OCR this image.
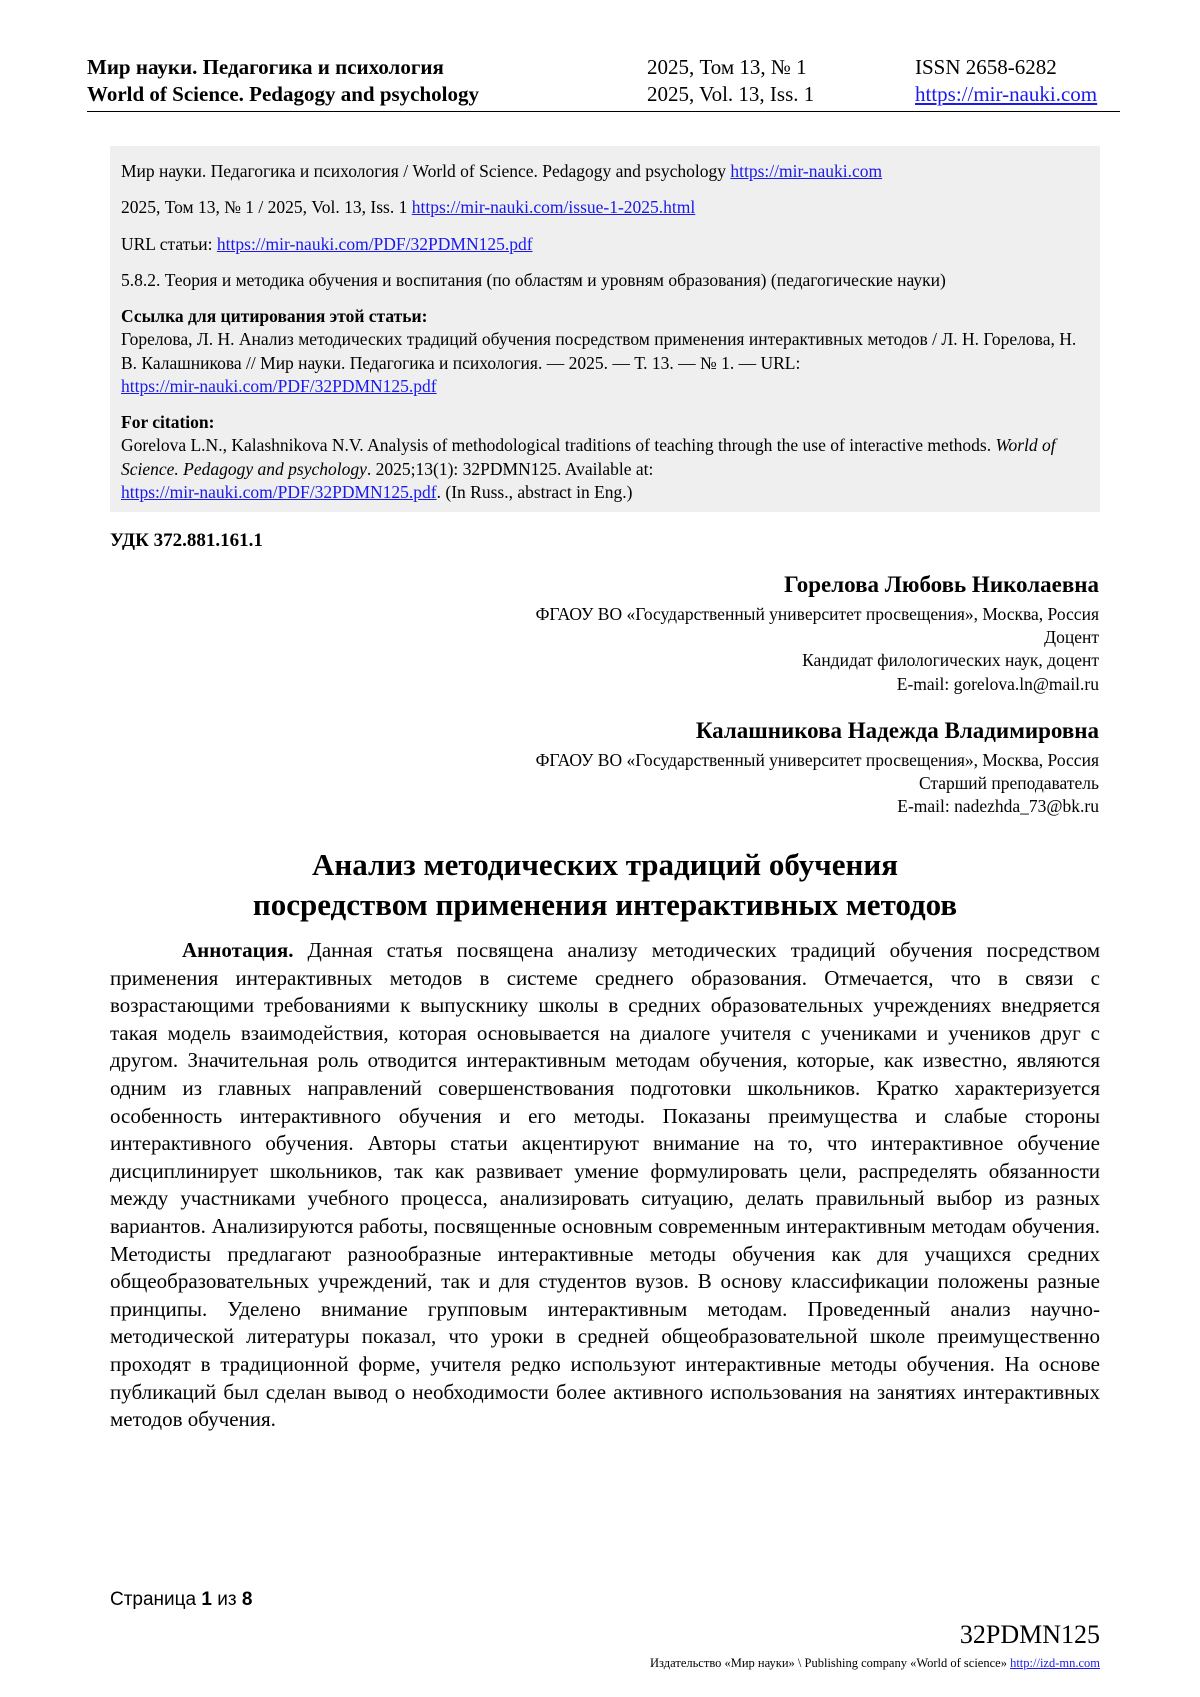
Мир науки. Педагогика и психология
World of Science. Pedagogy and psychology
2025, Том 13, № 1
2025, Vol. 13, Iss. 1
ISSN 2658-6282
https://mir-nauki.com

Мир науки. Педагогика и психология / World of Science. Pedagogy and psychology https://mir-nauki.com

2025, Том 13, № 1 / 2025, Vol. 13, Iss. 1 https://mir-nauki.com/issue-1-2025.html

URL статьи: https://mir-nauki.com/PDF/32PDMN125.pdf

5.8.2. Теория и методика обучения и воспитания (по областям и уровням образования) (педагогические науки)

Ссылка для цитирования этой статьи:
Горелова, Л. Н. Анализ методических традиций обучения посредством применения интерактивных методов / Л. Н. Горелова, Н. В. Калашникова // Мир науки. Педагогика и психология. — 2025. — Т. 13. — № 1. — URL:
https://mir-nauki.com/PDF/32PDMN125.pdf

For citation:
Gorelova L.N., Kalashnikova N.V. Analysis of methodological traditions of teaching through the use of interactive methods. World of Science. Pedagogy and psychology. 2025;13(1): 32PDMN125. Available at:
https://mir-nauki.com/PDF/32PDMN125.pdf. (In Russ., abstract in Eng.)

УДК 372.881.161.1
Горелова Любовь Николаевна
ФГАОУ ВО «Государственный университет просвещения», Москва, Россия
Доцент
Кандидат филологических наук, доцент
E-mail: gorelova.ln@mail.ru
Калашникова Надежда Владимировна
ФГАОУ ВО «Государственный университет просвещения», Москва, Россия
Старший преподаватель
E-mail: nadezhda_73@bk.ru
Анализ методических традиций обучения
посредством применения интерактивных методов

Аннотация. Данная статья посвящена анализу методических традиций обучения посредством применения интерактивных методов в системе среднего образования. Отмечается, что в связи с возрастающими требованиями к выпускнику школы в средних образовательных учреждениях внедряется такая модель взаимодействия, которая основывается на диалоге учителя с учениками и учеников друг с другом. Значительная роль отводится интерактивным методам обучения, которые, как известно, являются одним из главных направлений совершенствования подготовки школьников. Кратко характеризуется особенность интерактивного обучения и его методы. Показаны преимущества и слабые стороны интерактивного обучения. Авторы статьи акцентируют внимание на то, что интерактивное обучение дисциплинирует школьников, так как развивает умение формулировать цели, распределять обязанности между участниками учебного процесса, анализировать ситуацию, делать правильный выбор из разных вариантов. Анализируются работы, посвященные основным современным интерактивным методам обучения. Методисты предлагают разнообразные интерактивные методы обучения как для учащихся средних общеобразовательных учреждений, так и для студентов вузов. В основу классификации положены разные принципы. Уделено внимание групповым интерактивным методам. Проведенный анализ научно-методической литературы показал, что уроки в средней общеобразовательной школе преимущественно проходят в традиционной форме, учителя редко используют интерактивные методы обучения. На основе публикаций был сделан вывод о необходимости более активного использования на занятиях интерактивных методов обучения.

Страница 1 из 8
32PDMN125
Издательство «Мир науки» \ Publishing company «World of science» http://izd-mn.com
